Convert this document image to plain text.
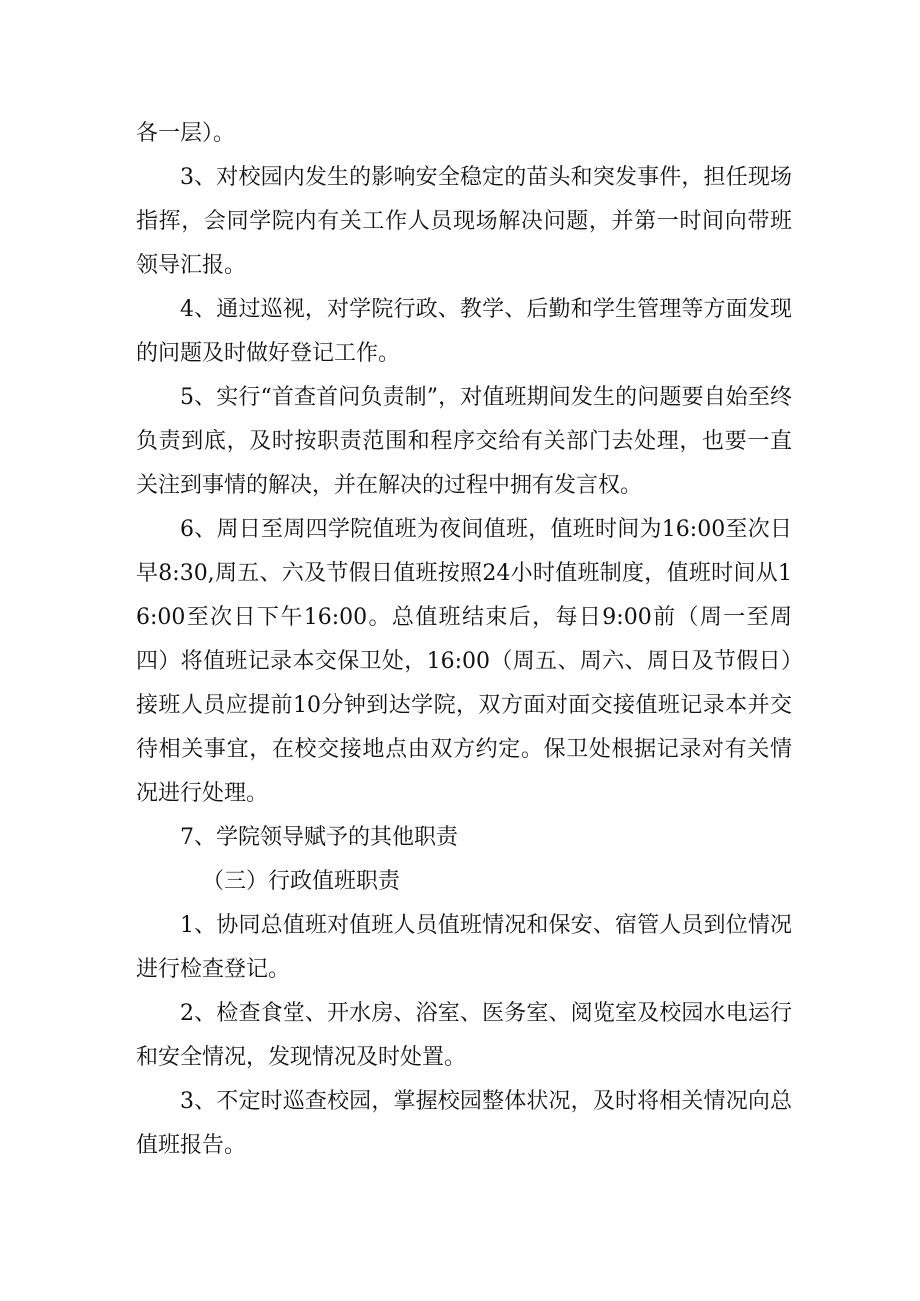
各一层）。

3、对校园内发生的影响安全稳定的苗头和突发事件，担任现场指挥，会同学院内有关工作人员现场解决问题，并第一时间向带班领导汇报。

4、通过巡视，对学院行政、教学、后勤和学生管理等方面发现的问题及时做好登记工作。

5、实行“首查首问负责制”，对值班期间发生的问题要自始至终负责到底，及时按职责范围和程序交给有关部门去处理，也要一直关注到事情的解决，并在解决的过程中拥有发言权。

6、周日至周四学院值班为夜间值班，值班时间为16:00至次日早8:30,周五、六及节假日值班按照24小时值班制度，值班时间从16:00至次日下午16:00。总值班结束后，每日9:00前（周一至周四）将值班记录本交保卫处，16:00（周五、周六、周日及节假日）接班人员应提前10分钟到达学院，双方面对面交接值班记录本并交待相关事宜，在校交接地点由双方约定。保卫处根据记录对有关情况进行处理。

7、学院领导赋予的其他职责

（三）行政值班职责

1、协同总值班对值班人员值班情况和保安、宿管人员到位情况进行检查登记。

2、检查食堂、开水房、浴室、医务室、阅览室及校园水电运行和安全情况，发现情况及时处置。

3、不定时巡查校园，掌握校园整体状况，及时将相关情况向总值班报告。
